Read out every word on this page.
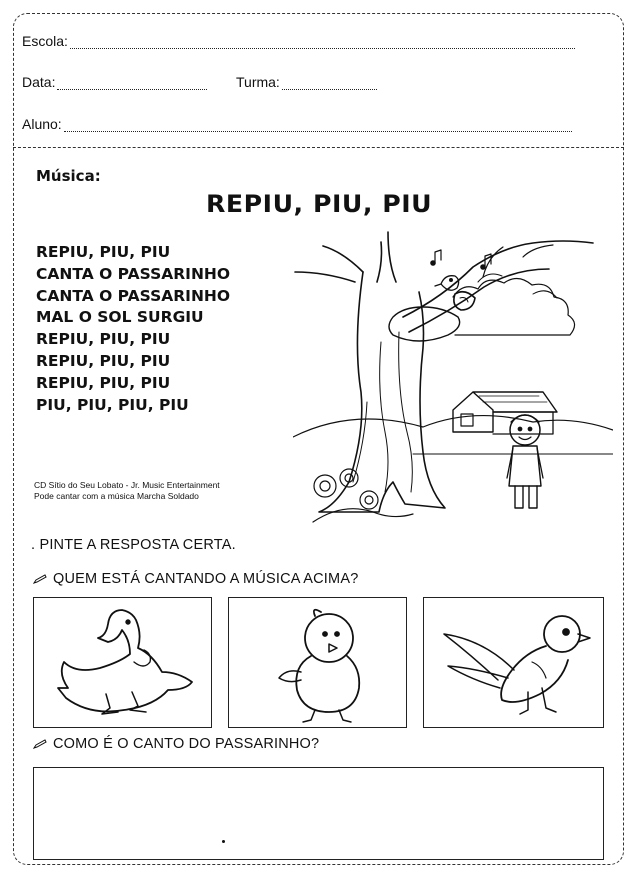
Escola:
Data:	Turma:
Aluno:
Música:
REPIU, PIU, PIU
REPIU, PIU, PIU
CANTA O PASSARINHO
CANTA O PASSARINHO
MAL O SOL SURGIU
REPIU, PIU, PIU
REPIU, PIU, PIU
REPIU, PIU, PIU
PIU, PIU, PIU, PIU
CD Sítio do Seu Lobato - Jr. Music Entertainment
Pode cantar com a música Marcha Soldado
. PINTE A RESPOSTA CERTA.
QUEM ESTÁ CANTANDO A MÚSICA ACIMA?
COMO É O CANTO DO PASSARINHO?
